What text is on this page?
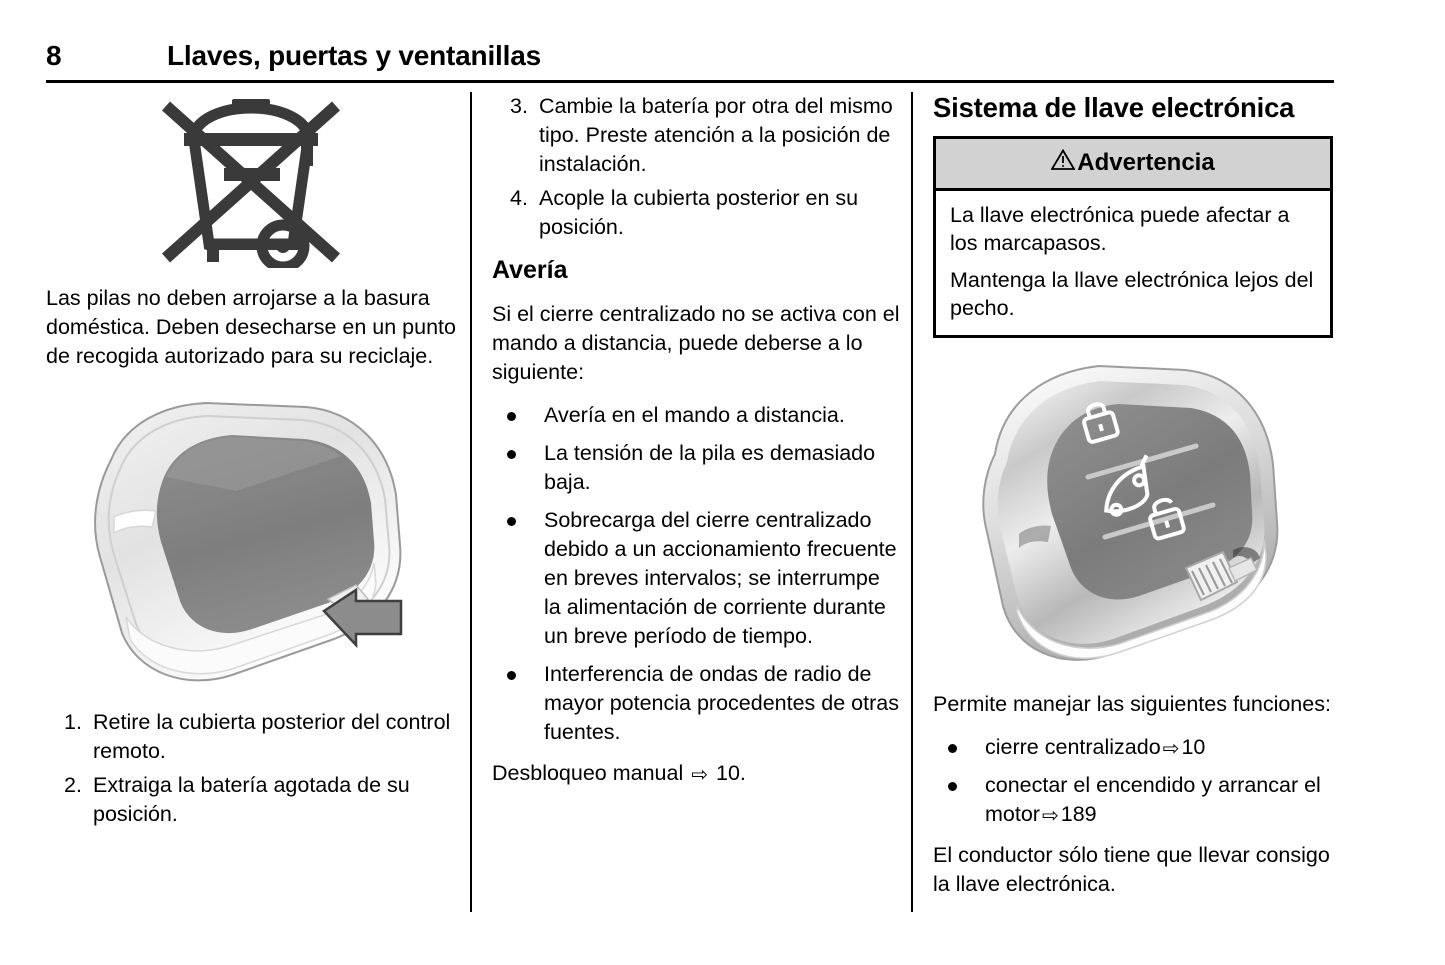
8	Llaves, puertas y ventanillas

Las pilas no deben arrojarse a la basura doméstica. Deben desecharse en un punto de recogida autorizado para su reciclaje.

1. Retire la cubierta posterior del control remoto.
2. Extraiga la batería agotada de su posición.
3. Cambie la batería por otra del mismo tipo. Preste atención a la posición de instalación.
4. Acople la cubierta posterior en su posición.
Avería

Si el cierre centralizado no se activa con el mando a distancia, puede deberse a lo siguiente:

Avería en el mando a distancia.
La tensión de la pila es demasiado baja.
Sobrecarga del cierre centralizado debido a un accionamiento frecuente en breves intervalos; se interrumpe la alimentación de corriente durante un breve período de tiempo.
Interferencia de ondas de radio de mayor potencia procedentes de otras fuentes.

Desbloqueo manual ⇨ 10.

Sistema de llave electrónica
Advertencia

La llave electrónica puede afectar a los marcapasos.

Mantenga la llave electrónica lejos del pecho.

Permite manejar las siguientes funciones:

cierre centralizado ⇨10
conectar el encendido y arrancar el motor ⇨189

El conductor sólo tiene que llevar consigo la llave electrónica.
